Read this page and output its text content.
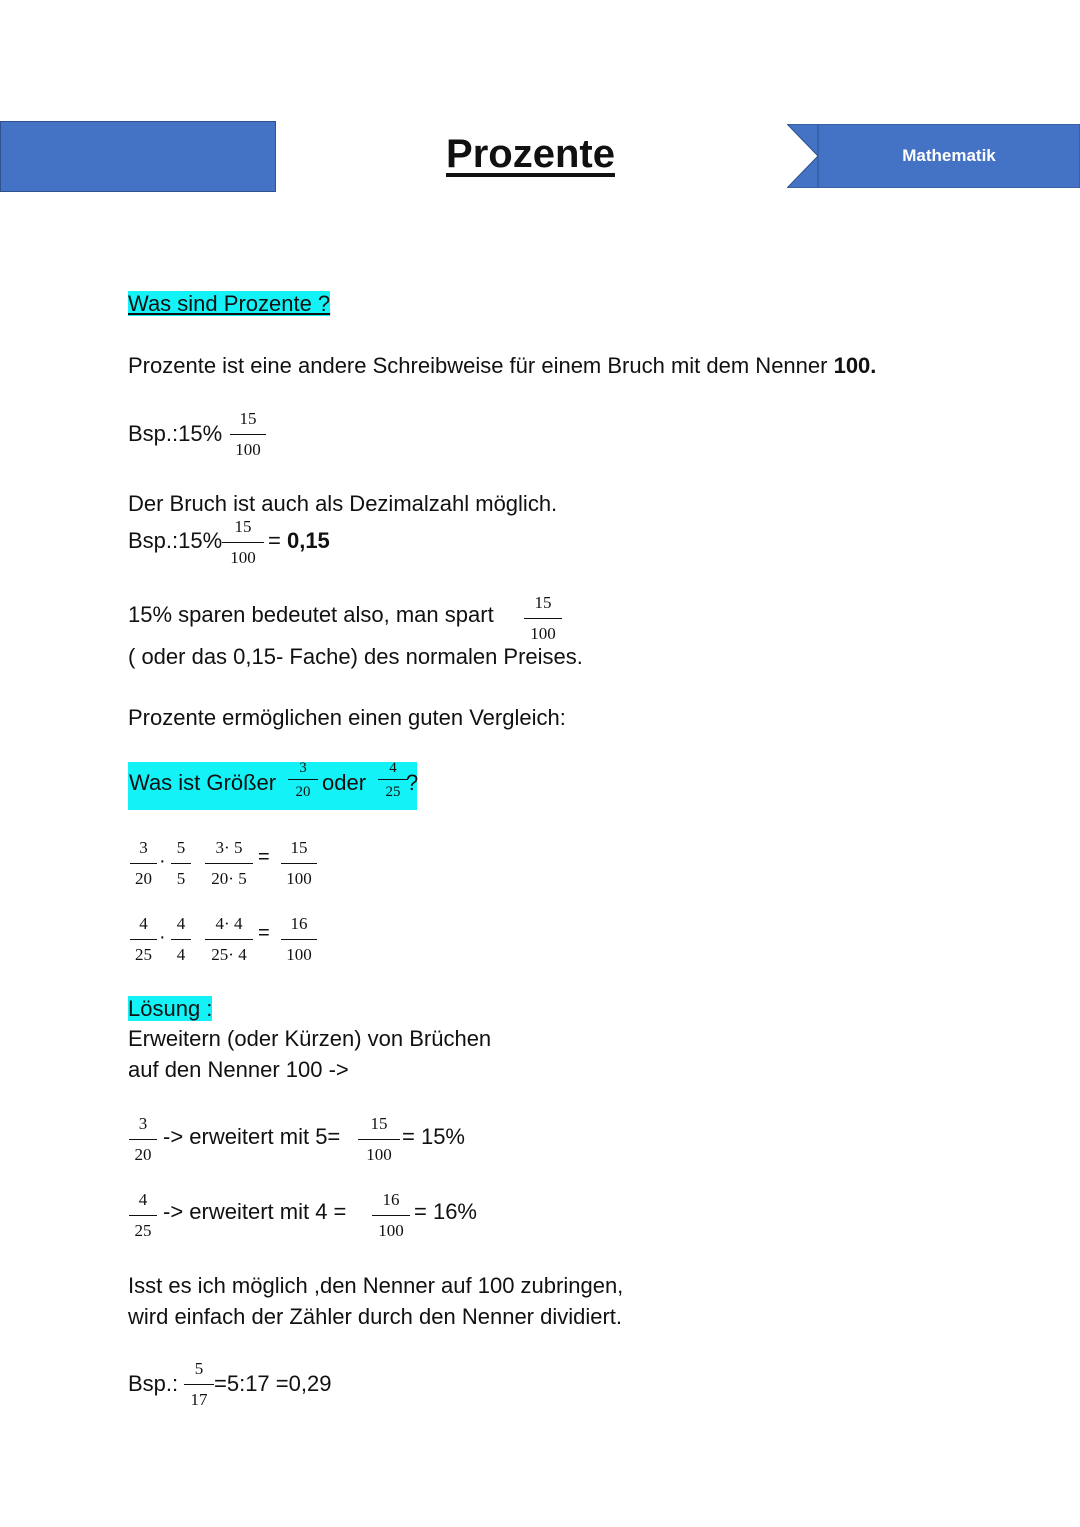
Mathematik
Prozente
Was sind Prozente ?
Prozente ist eine andere Schreibweise für einem Bruch mit dem Nenner 100.
Bsp.:15%
15
100
Der Bruch ist auch als Dezimalzahl möglich.
Bsp.:15%
15
100
= 0,15
15% sparen bedeutet also, man spart	15
100
( oder das 0,15- Fache) des normalen Preises.
Prozente ermöglichen einen guten Vergleich:
Was ist Größer
3
20 oder
4
25 ?
3
20
·
5
5
3· 5
20· 5
=	15
100
4
25
·
4
4
4· 4
25· 4
=	16
100
Lösung :
Erweitern (oder Kürzen) von Brüchen
auf den Nenner 100 ->
3
20
-> erweitert mit 5=
15
100
= 15%
4
25
-> erweitert mit 4 =	16
100
= 16%
Isst es ich möglich ,den Nenner auf 100 zubringen,
wird einfach der Zähler durch den Nenner dividiert.
Bsp.:
5
17
=5:17 =0,29
